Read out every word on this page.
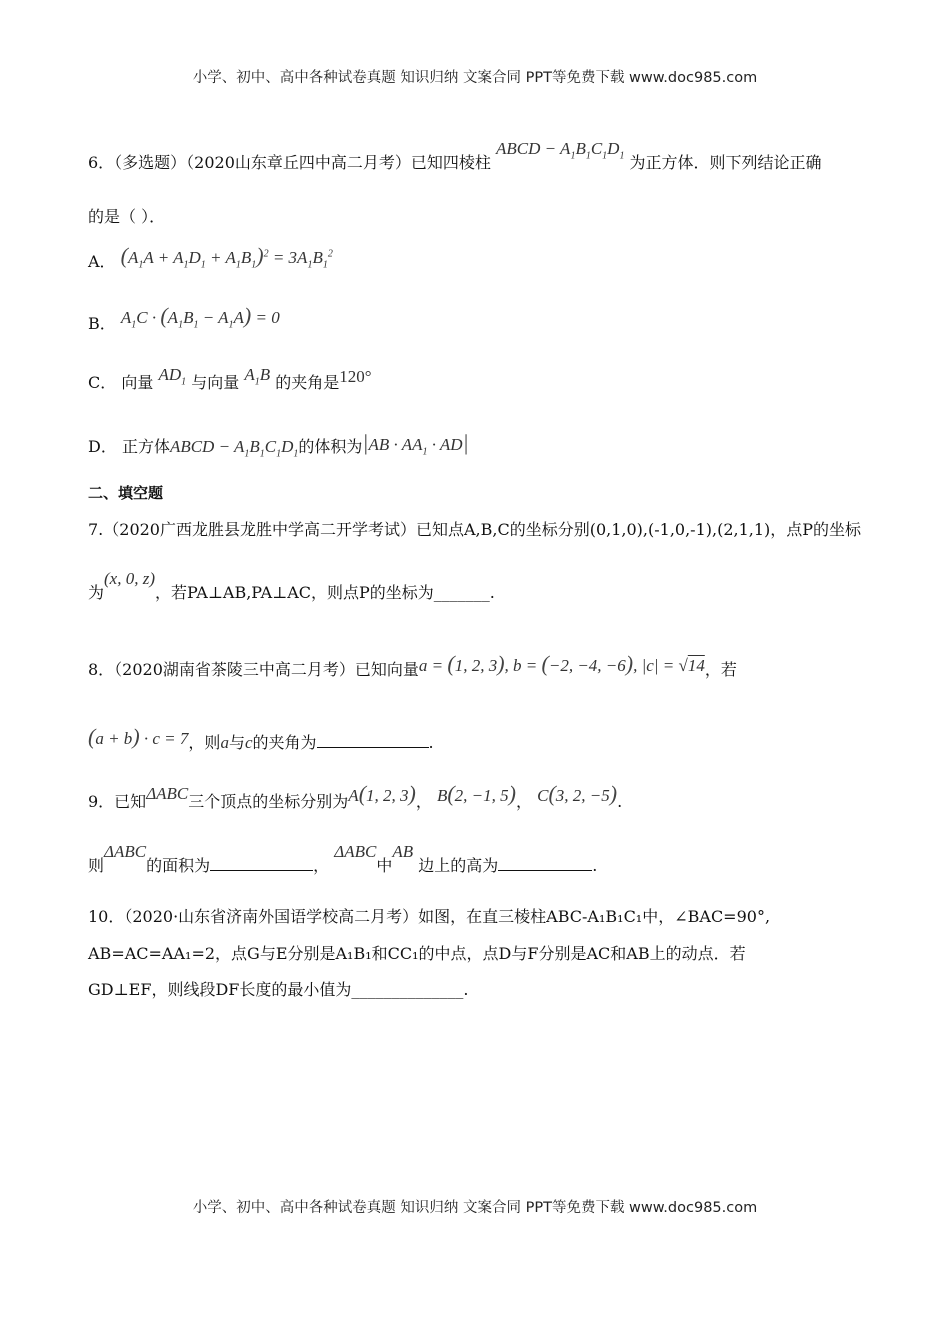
小学、初中、高中各种试卷真题 知识归纳 文案合同 PPT等免费下载 www.doc985.com
6．（多选题）（2020山东章丘四中高二月考）已知四棱柱 ABCD − $A_1B_1C_1D_1$ 为正方体．则下列结论正确
的是（ ）．
A． $(A_1A + A_1D_1 + A_1B_1)^2 = 3A_1B_1^2$
B． $A_1C \cdot (A_1B_1 - A_1A) = 0$
C． 向量 $AD_1$ 与向量 $A_1B$ 的夹角是120°
D． 正方体ABCD − $A_1B_1C_1D_1$的体积为$|AB \cdot AA_1 \cdot AD|$
二、填空题
7.（2020广西龙胜县龙胜中学高二开学考试）已知点A,B,C的坐标分别(0,1,0),(-1,0,-1),(2,1,1)，点P的坐标
为(x, 0, z)，若PA⊥AB,PA⊥AC，则点P的坐标为_______.
8．（2020湖南省茶陵三中高二月考）已知向量a = (1, 2, 3), b = (−2, −4, −6), |c| = √14，若
(a + b) · c = 7，则a与c的夹角为	.
9．已知ΔABC三个顶点的坐标分别为A(1, 2, 3)， B(2, −1, 5)， C(3, 2, −5).
则ΔABC的面积为	， ΔABC中AB 边上的高为	.
10．（2020·山东省济南外国语学校高二月考）如图，在直三棱柱ABC-A₁B₁C₁中，∠BAC=90°,
AB=AC=AA₁=2，点G与E分别是A₁B₁和CC₁的中点，点D与F分别是AC和AB上的动点．若
GD⊥EF，则线段DF长度的最小值为______________.
小学、初中、高中各种试卷真题 知识归纳 文案合同 PPT等免费下载 www.doc985.com
